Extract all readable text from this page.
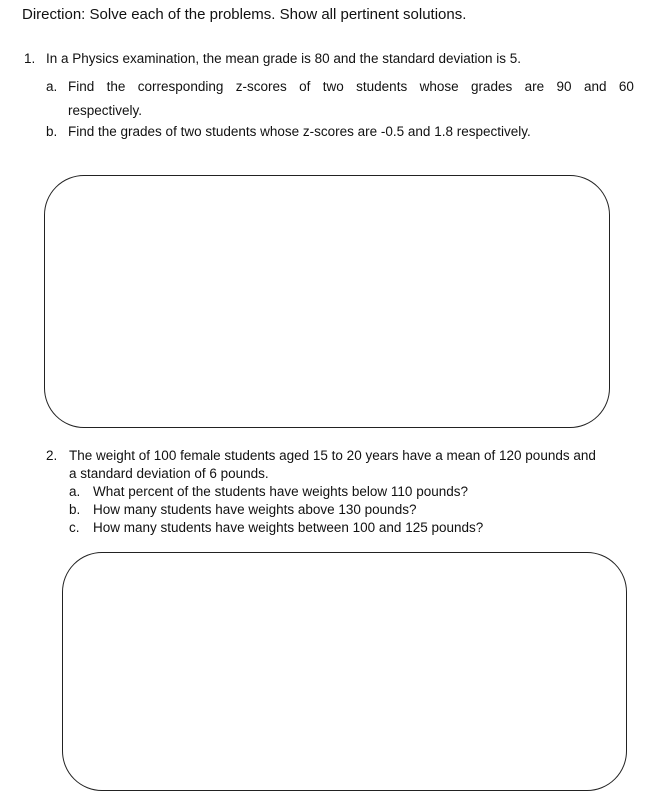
Direction: Solve each of the problems. Show all pertinent solutions.
1. In a Physics examination, the mean grade is 80 and the standard deviation is 5.
a. Find the corresponding z-scores of two students whose grades are 90 and 60
respectively.
b. Find the grades of two students whose z-scores are -0.5 and 1.8 respectively.
2. The weight of 100 female students aged 15 to 20 years have a mean of 120 pounds and
a standard deviation of 6 pounds.
a. What percent of the students have weights below 110 pounds?
b. How many students have weights above 130 pounds?
c. How many students have weights between 100 and 125 pounds?
